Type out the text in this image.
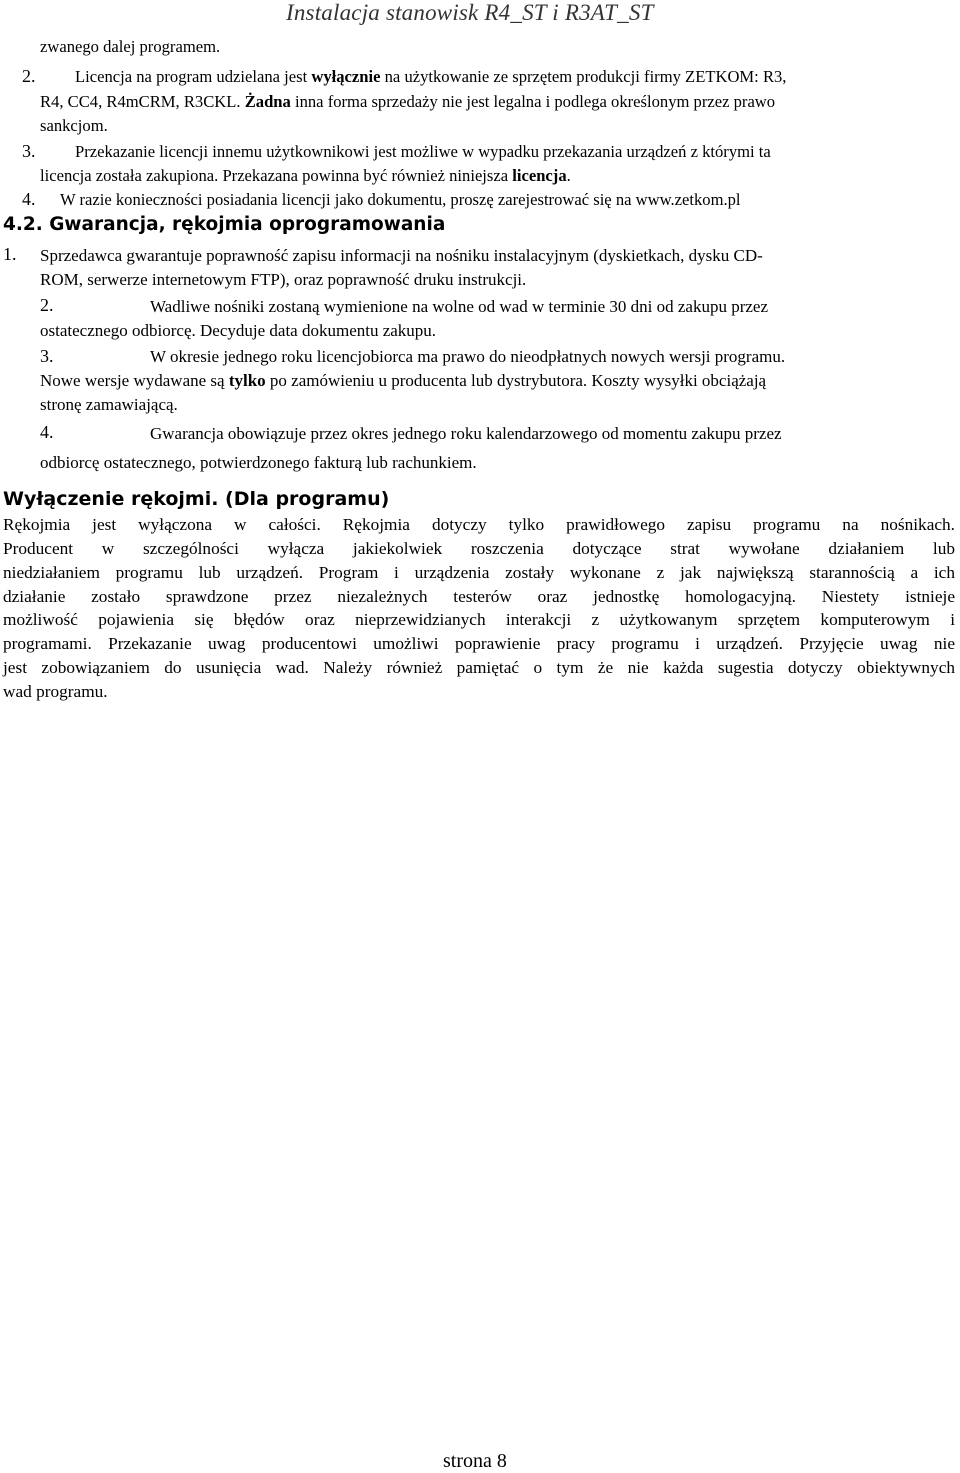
Instalacja stanowisk R4_ST i R3AT_ST
zwanego dalej programem.
2. Licencja na program udzielana jest wyłącznie na użytkowanie ze sprzętem produkcji firmy ZETKOM: R3,
R4, CC4, R4mCRM, R3CKL. Żadna inna forma sprzedaży nie jest legalna i podlega określonym przez prawo
sankcjom.
3. Przekazanie licencji innemu użytkownikowi jest możliwe w wypadku przekazania urządzeń z którymi ta
licencja została zakupiona. Przekazana powinna być również niniejsza licencja.
4. W razie konieczności posiadania licencji jako dokumentu, proszę zarejestrować się na www.zetkom.pl
4.2. Gwarancja, rękojmia oprogramowania
1. Sprzedawca gwarantuje poprawność zapisu informacji na nośniku instalacyjnym (dyskietkach, dysku CD-
ROM, serwerze internetowym FTP), oraz poprawność druku instrukcji.
2.	Wadliwe nośniki zostaną wymienione na wolne od wad w terminie 30 dni od zakupu przez
ostatecznego odbiorcę. Decyduje data dokumentu zakupu.
3.	W okresie jednego roku licencjobiorca ma prawo do nieodpłatnych nowych wersji programu.
Nowe wersje wydawane są tylko po zamówieniu u producenta lub dystrybutora. Koszty wysyłki obciążają
stronę zamawiającą.
4.	Gwarancja obowiązuje przez okres jednego roku kalendarzowego od momentu zakupu przez
odbiorcę ostatecznego, potwierdzonego fakturą lub rachunkiem.
Wyłączenie rękojmi. (Dla programu)
Rękojmia jest wyłączona w całości. Rękojmia dotyczy tylko prawidłowego zapisu programu na nośnikach.
Producent w szczególności wyłącza jakiekolwiek roszczenia dotyczące strat wywołane działaniem lub
niedziałaniem programu lub urządzeń. Program i urządzenia zostały wykonane z jak największą starannością a ich
działanie zostało sprawdzone przez niezależnych testerów oraz jednostkę homologacyjną. Niestety istnieje
możliwość pojawienia się błędów oraz nieprzewidzianych interakcji z użytkowanym sprzętem komputerowym i
programami. Przekazanie uwag producentowi umożliwi poprawienie pracy programu i urządzeń. Przyjęcie uwag nie
jest zobowiązaniem do usunięcia wad. Należy również pamiętać o tym że nie każda sugestia dotyczy obiektywnych
wad programu.
strona 8
